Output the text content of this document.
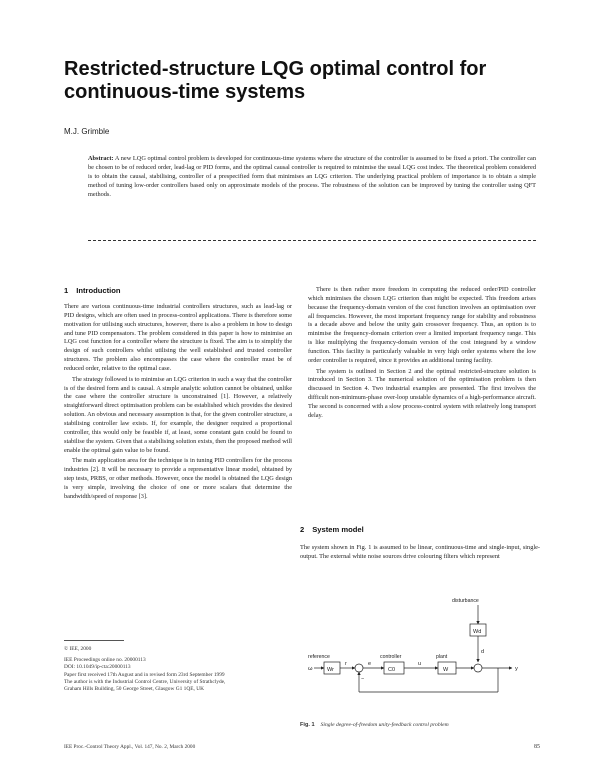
Restricted-structure LQG optimal control for continuous-time systems
M.J. Grimble

Abstract: A new LQG optimal control problem is developed for continuous-time systems where the structure of the controller is assumed to be fixed a priori. The controller can be chosen to be of reduced order, lead-lag or PID forms, and the optimal causal controller is required to minimise the usual LQG cost index. The theoretical problem considered is to obtain the causal, stabilising, controller of a prespecified form that minimises an LQG criterion. The underlying practical problem of importance is to obtain a simple method of tuning low-order controllers based only on approximate models of the process. The robustness of the solution can be improved by tuning the controller using QFT methods.

1 Introduction

There are various continuous-time industrial controllers structures, such as lead-lag or PID designs, which are often used in process-control applications. There is therefore some motivation for utilising such structures, however, there is also a problem in how to design and tune PID compensators. The problem considered in this paper is how to minimise an LQG cost function for a controller where the structure is fixed. The aim is to simplify the design of such controllers whilst utilising the well established and trusted controller structures. The problem also encompasses the case where the controller must be of reduced order, relative to the optimal case.

The strategy followed is to minimise an LQG criterion in such a way that the controller is of the desired form and is causal. A simple analytic solution cannot be obtained, unlike the case where the controller structure is unconstrained [1]. However, a relatively straightforward direct optimisation problem can be established which provides the desired solution. An obvious and necessary assumption is that, for the given controller structure, a stabilising controller law exists. If, for example, the designer required a proportional controller, this would only be feasible if, at least, some constant gain could be found to stabilise the system. Given that a stabilising solution exists, then the proposed method will enable the optimal gain value to be found.

The main application area for the technique is in tuning PID controllers for the process industries [2]. It will be necessary to provide a representative linear model, obtained by step tests, PRBS, or other methods. However, once the model is obtained the LQG design is very simple, involving the choice of one or more scalars that determine the bandwidth/speed of response [3].

There is then rather more freedom in computing the reduced order/PID controller which minimises the chosen LQG criterion than might be expected. This freedom arises because the frequency-domain version of the cost function involves an optimisation over all frequencies. However, the most important frequency range for stability and robustness is a decade above and below the unity gain crossover frequency. Thus, an option is to minimise the frequency-domain criterion over a limited important frequency range. This is like multiplying the frequency-domain version of the cost integrand by a window function. This facility is particularly valuable in very high order systems where the low order controller is required, since it provides an additional tuning facility.

The system is outlined in Section 2 and the optimal restricted-structure solution is introduced in Section 3. The numerical solution of the optimisation problem is then discussed in Section 4. Two industrial examples are presented. The first involves the difficult non-minimum-phase over-loop unstable dynamics of a high-performance aircraft. The second is concerned with a slow process-control system with relatively long transport delay.

2 System model

The system shown in Fig. 1 is assumed to be linear, continuous-time and single-input, single-output. The external white noise sources drive colouring filters which represent

© IEE, 2000
IEE Proceedings online no. 20000113
DOI: 10.1049/ip-cta:20000113
Paper first received 17th August and in revised form 23rd September 1999
The author is with the Industrial Control Centre, University of Strathclyde,
Graham Hills Building, 50 George Street, Glasgow G1 1QE, UK
disturbance
Wd
d
reference	controller	plant
ω	Wr
r	e
C0
u
W	y
−
Fig. 1 Single degree-of-freedom unity-feedback control problem
IEE Proc.-Control Theory Appl., Vol. 147, No. 2, March 2000	85
